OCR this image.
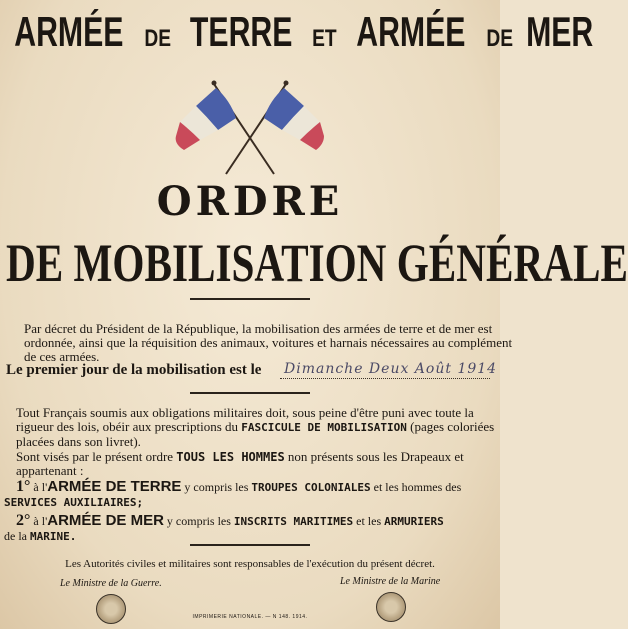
ARMÉE DE TERRE ET ARMÉE DE MER
ORDRE
DE MOBILISATION GÉNÉRALE
Par décret du Président de la République, la mobilisation des armées de terre et de mer est
ordonnée, ainsi que la réquisition des animaux, voitures et harnais nécessaires au complément
de ces armées.
Le premier jour de la mobilisation est le Dimanche Deux Août 1914
Tout Français soumis aux obligations militaires doit, sous peine d'être puni avec toute la
rigueur des lois, obéir aux prescriptions du FASCICULE DE MOBILISATION (pages coloriées
placées dans son livret).
Sont visés par le présent ordre TOUS LES HOMMES non présents sous les Drapeaux et
appartenant :
1° à l'ARMÉE DE TERRE y compris les TROUPES COLONIALES et les hommes des
SERVICES AUXILIAIRES;
2° à l'ARMÉE DE MER y compris les INSCRITS MARITIMES et les ARMURIERS
de la MARINE.
Les Autorités civiles et militaires sont responsables de l'exécution du présent décret.
Le Ministre de la Guerre.	Le Ministre de la Marine
IMPRIMERIE NATIONALE. — N 148. 1914.
